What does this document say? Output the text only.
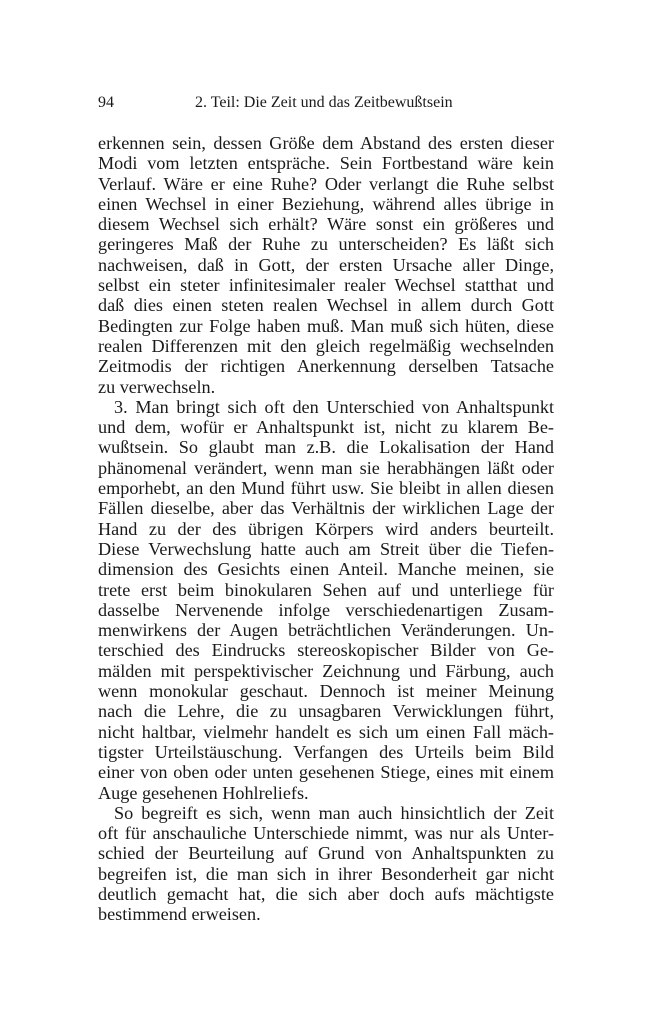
94	2. Teil: Die Zeit und das Zeitbewußtsein
erkennen sein, dessen Größe dem Abstand des ersten dieser
Modi vom letzten entspräche. Sein Fortbestand wäre kein
Verlauf. Wäre er eine Ruhe? Oder verlangt die Ruhe selbst
einen Wechsel in einer Beziehung, während alles übrige in
diesem Wechsel sich erhält? Wäre sonst ein größeres und
geringeres Maß der Ruhe zu unterscheiden? Es läßt sich
nachweisen, daß in Gott, der ersten Ursache aller Dinge,
selbst ein steter infinitesimaler realer Wechsel statthat und
daß dies einen steten realen Wechsel in allem durch Gott
Bedingten zur Folge haben muß. Man muß sich hüten, diese
realen Differenzen mit den gleich regelmäßig wechselnden
Zeitmodis der richtigen Anerkennung derselben Tatsache
zu verwechseln.
3. Man bringt sich oft den Unterschied von Anhaltspunkt
und dem, wofür er Anhaltspunkt ist, nicht zu klarem Be-
wußtsein. So glaubt man z.B. die Lokalisation der Hand
phänomenal verändert, wenn man sie herabhängen läßt oder
emporhebt, an den Mund führt usw. Sie bleibt in allen diesen
Fällen dieselbe, aber das Verhältnis der wirklichen Lage der
Hand zu der des übrigen Körpers wird anders beurteilt.
Diese Verwechslung hatte auch am Streit über die Tiefen-
dimension des Gesichts einen Anteil. Manche meinen, sie
trete erst beim binokularen Sehen auf und unterliege für
dasselbe Nervenende infolge verschiedenartigen Zusam-
menwirkens der Augen beträchtlichen Veränderungen. Un-
terschied des Eindrucks stereoskopischer Bilder von Ge-
mälden mit perspektivischer Zeichnung und Färbung, auch
wenn monokular geschaut. Dennoch ist meiner Meinung
nach die Lehre, die zu unsagbaren Verwicklungen führt,
nicht haltbar, vielmehr handelt es sich um einen Fall mäch-
tigster Urteilstäuschung. Verfangen des Urteils beim Bild
einer von oben oder unten gesehenen Stiege, eines mit einem
Auge gesehenen Hohlreliefs.
So begreift es sich, wenn man auch hinsichtlich der Zeit
oft für anschauliche Unterschiede nimmt, was nur als Unter-
schied der Beurteilung auf Grund von Anhaltspunkten zu
begreifen ist, die man sich in ihrer Besonderheit gar nicht
deutlich gemacht hat, die sich aber doch aufs mächtigste
bestimmend erweisen.
